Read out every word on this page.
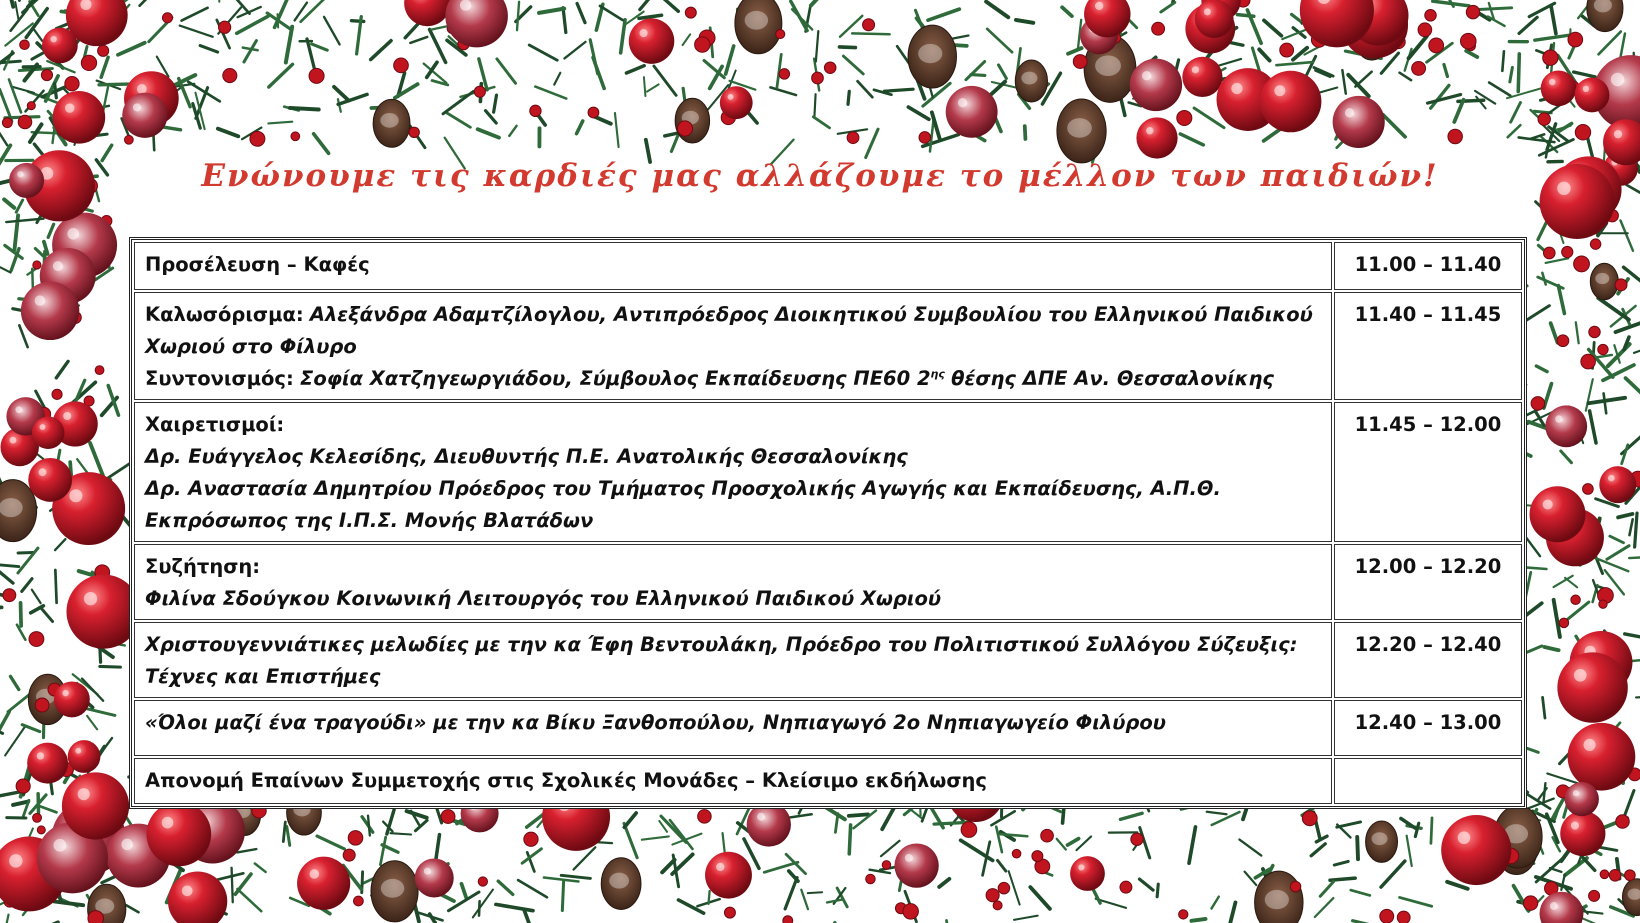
Ενώνουμε τις καρδιές μας αλλάζουμε το μέλλον των παιδιών!
Προσέλευση – Καφές	11.00 – 11.40
Καλωσόρισμα: Αλεξάνδρα Αδαμτζίλογλου, Αντιπρόεδρος Διοικητικού Συμβουλίου του Ελληνικού Παιδικού Χωριού στο Φίλυρο
Συντονισμός: Σοφία Χατζηγεωργιάδου, Σύμβουλος Εκπαίδευσης ΠΕ60 $2^{\eta\varsigma}$ θέσης ΔΠΕ Αν. Θεσσαλονίκης	11.40 – 11.45
Χαιρετισμοί:
Δρ. Ευάγγελος Κελεσίδης, Διευθυντής Π.Ε. Ανατολικής Θεσσαλονίκης
Δρ. Αναστασία Δημητρίου Πρόεδρος του Τμήματος Προσχολικής Αγωγής και Εκπαίδευσης, Α.Π.Θ.
Εκπρόσωπος της Ι.Π.Σ. Μονής Βλατάδων	11.45 – 12.00
Συζήτηση:
Φιλίνα Σδούγκου Κοινωνική Λειτουργός του Ελληνικού Παιδικού Χωριού	12.00 – 12.20
Χριστουγεννιάτικες μελωδίες με την κα Έφη Βεντουλάκη, Πρόεδρο του Πολιτιστικού Συλλόγου Σύζευξις: Τέχνες και Επιστήμες	12.20 – 12.40
«Όλοι μαζί ένα τραγούδι» με την κα Βίκυ Ξανθοπούλου, Νηπιαγωγό 2ο Νηπιαγωγείο Φιλύρου	12.40 – 13.00
Απονομή Επαίνων Συμμετοχής στις Σχολικές Μονάδες – Κλείσιμο εκδήλωσης	
